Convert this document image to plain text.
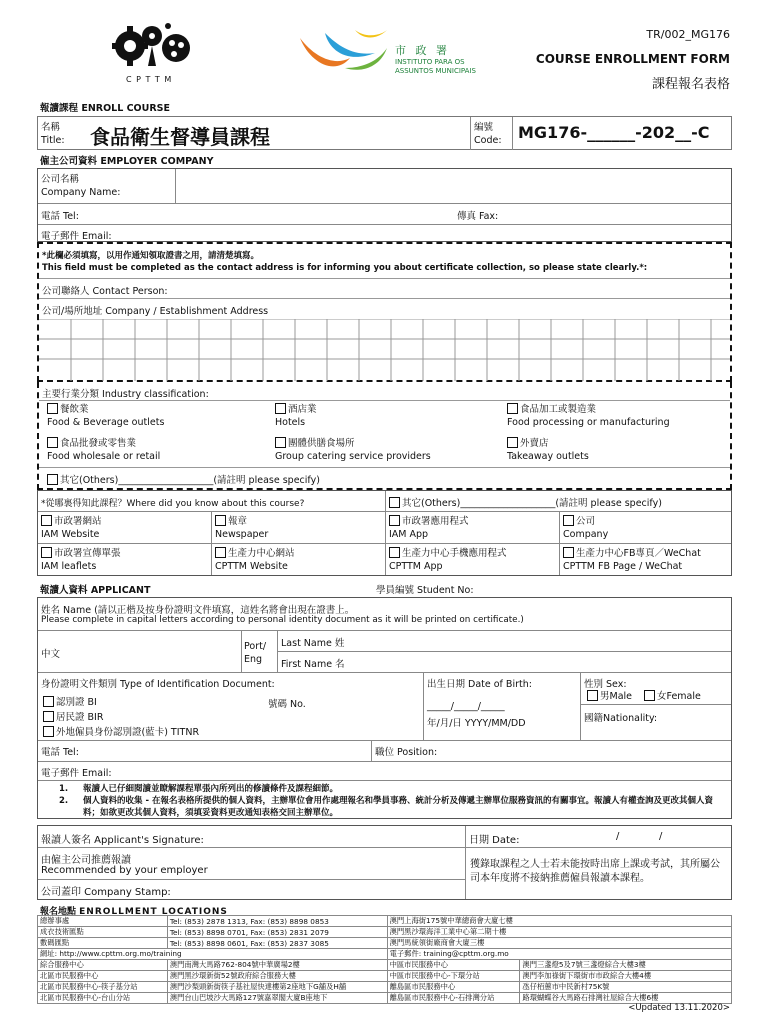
C P T T M
市 政 署
INSTITUTO PARA OS
ASSUNTOS MUNICIPAIS
TR/002_MG176
COURSE ENROLLMENT FORM
課程報名表格
報讀課程 ENROLL COURSE
名稱
Title: 食品衛生督導員課程	編號
Code: MG176-______-202__-C
僱主公司資料 EMPLOYER COMPANY
公司名稱
Company Name:
電話 Tel:	傳真 Fax:
電子郵件 Email:
*此欄必須填寫，以用作通知領取證書之用，請清楚填寫。
This field must be completed as the contact address is for informing you about certificate collection, so please state clearly.*:
公司聯絡人 Contact Person:
公司/場所地址 Company / Establishment Address
主要行業分類 Industry classification:
餐飲業
Food & Beverage outlets
酒店業
Hotels
食品加工或製造業
Food processing or manufacturing
食品批發或零售業
Food wholesale or retail
團體供膳食場所
Group catering service providers
外賣店
Takeaway outlets
其它(Others)____________________(請註明 please specify)
*從哪裏得知此課程？Where did you know about this course?	其它(Others)____________________(請註明 please specify)
市政署網站
IAM Website
報章
Newspaper
市政署應用程式
IAM App
公司
Company
市政署宣傳單張
IAM leaflets
生產力中心網站
CPTTM Website
生產力中心手機應用程式
CPTTM App
生產力中心FB專頁／WeChat
CPTTM FB Page / WeChat
報讀人資料 APPLICANT	學員編號 Student No:
姓名 Name (請以正楷及按身份證明文件填寫，這姓名將會出現在證書上。
Please complete in capital letters according to personal identity document as it will be printed on certificate.)
中文
Port/
Eng
Last Name 姓
First Name 名
身份證明文件類別 Type of Identification Document:
認別證 BI
居民證 BIR
外地僱員身份認別證(藍卡) TITNR
號碼 No.
出生日期 Date of Birth:
_____/_____/_____
年/月/日 YYYY/MM/DD
性別 Sex:
男Male	女Female
國籍Nationality:
電話 Tel:	職位 Position:
電子郵件 Email:
1. 報讀人已仔細閱讀並瞭解課程單張內所列出的修讀條件及課程細節。
2. 個人資料的收集 - 在報名表格所提供的個人資料，主辦單位會用作處理報名和學員事務、統計分析及傳遞主辦單位服務資訊的有關事宜。報讀人有權查詢及更改其個人資料；如欲更改其個人資料，須填妥資料更改通知表格交回主辦單位。
報讀人簽名 Applicant's Signature:	日期 Date:	/	/
由僱主公司推薦報讀
Recommended by your employer
公司蓋印 Company Stamp:
獲錄取課程之人士若未能按時出席上課或考試，其所屬公司本年度將不接納推薦僱員報讀本課程。
報名地點 ENROLLMENT LOCATIONS
總辦事處	Tel: (853) 2878 1313, Fax: (853) 8898 0853	澳門上海街175號中華總商會大廈七樓	
成衣技術匯點	Tel: (853) 8898 0701, Fax: (853) 2831 2079	澳門黑沙環海洋工業中心第二期十樓	
數碼匯點	Tel: (853) 8898 0601, Fax: (853) 2837 3085	澳門馬統領街廠商會大廈三樓	
網址: http://www.cpttm.org.mo/training		電子郵件: training@cpttm.org.mo	
綜合服務中心	澳門南灣大馬路762-804號中華廣場2樓	中區市民服務中心	澳門三盞燈5及7號三盞燈綜合大樓3樓
北區市民服務中心	澳門黑沙環新街52號政府綜合服務大樓	中區市民服務中心-下環分站	澳門李加祿街下環街市市政綜合大樓4樓
北區市民服務中心-筷子基分站	澳門沙梨頭新街筷子基社屋快達樓第2座地下G舖及H舖	離島區市民服務中心	氹仔栢蕙市中民新村75K號
北區市民服務中心-台山分站	澳門台山巴坡沙大馬路127號嘉翠閣大廈B座地下	離島區市民服務中心-石排灣分站	路環蝴蝶谷大馬路石排灣社屋綜合大樓6樓
<Updated 13.11.2020>
